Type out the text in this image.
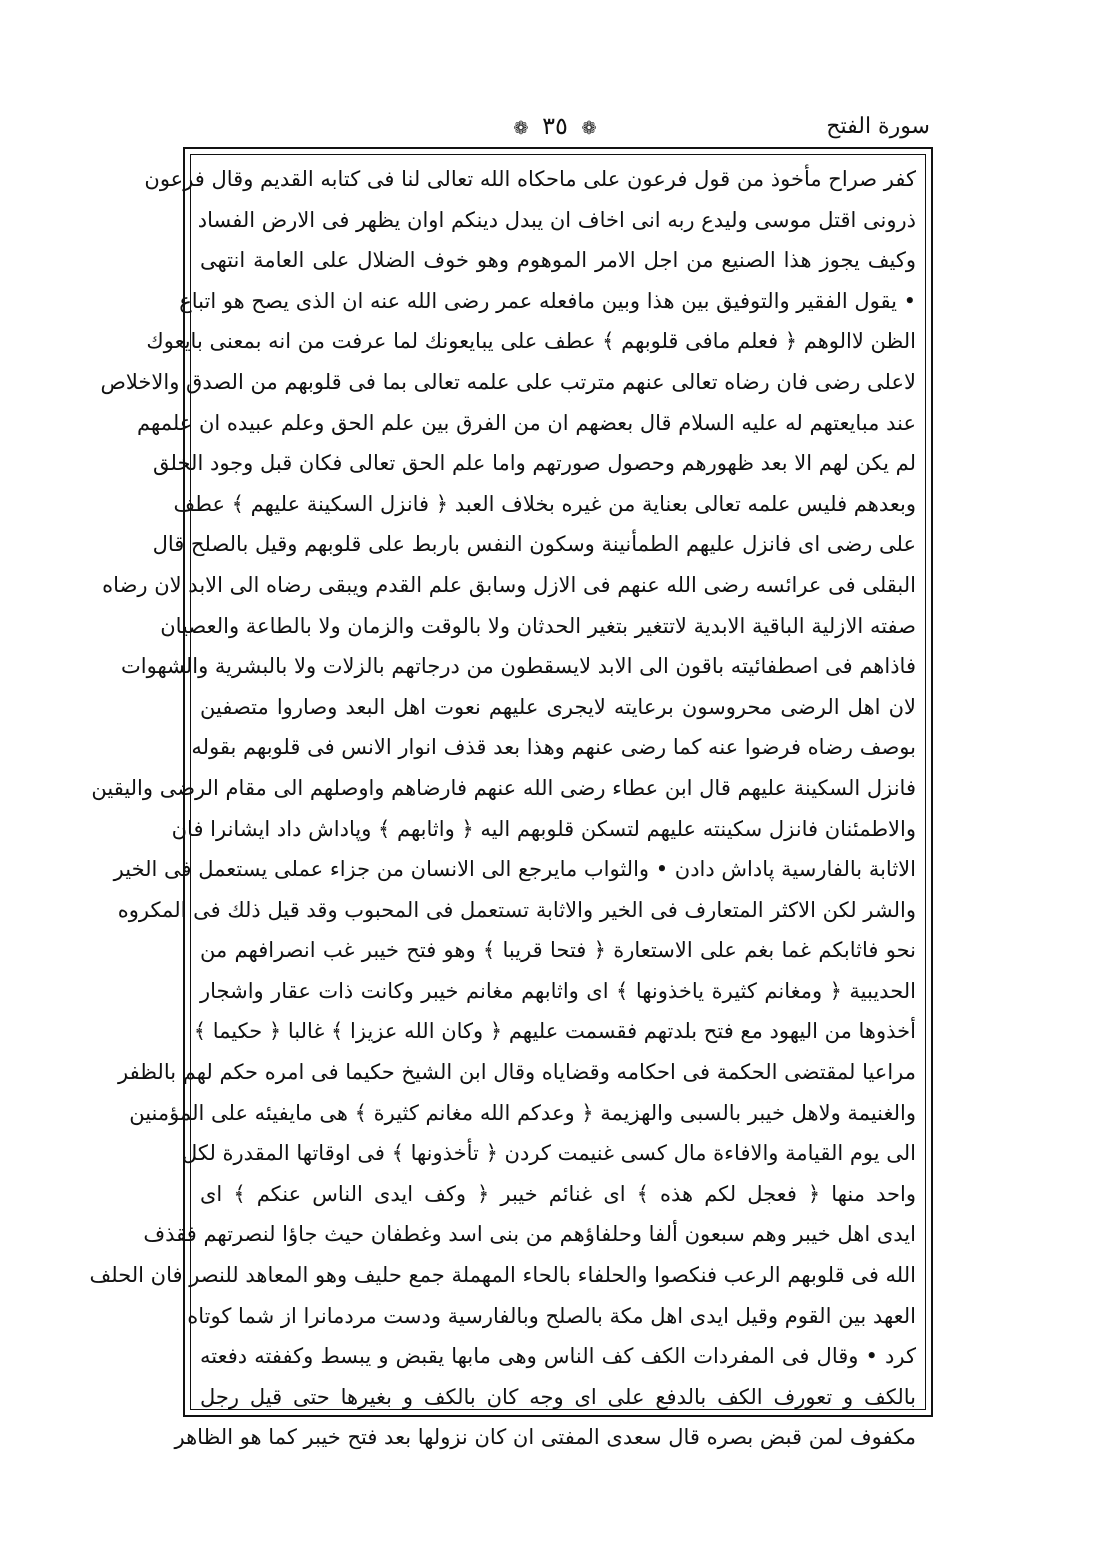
❁ ٣٥ ❁	سورة الفتح
كفر صراح مأخوذ من قول فرعون على ماحكاه الله تعالى لنا فى كتابه القديم وقال فرعون
ذرونى اقتل موسى وليدع ربه انى اخاف ان يبدل دينكم اوان يظهر فى الارض الفساد
وكيف يجوز هذا الصنيع من اجل الامر الموهوم وهو خوف الضلال على العامة انتهى
• يقول الفقير والتوفيق بين هذا وبين مافعله عمر رضى الله عنه ان الذى يصح هو اتباع
الظن لاالوهم ﴿ فعلم مافى قلوبهم ﴾ عطف على يبايعونك لما عرفت من انه بمعنى بايعوك
لاعلى رضى فان رضاه تعالى عنهم مترتب على علمه تعالى بما فى قلوبهم من الصدق والاخلاص
عند مبايعتهم له عليه السلام قال بعضهم ان من الفرق بين علم الحق وعلم عبيده ان علمهم
لم يكن لهم الا بعد ظهورهم وحصول صورتهم واما علم الحق تعالى فكان قبل وجود الخلق
وبعدهم فليس علمه تعالى بعناية من غيره بخلاف العبد ﴿ فانزل السكينة عليهم ﴾ عطف
على رضى اى فانزل عليهم الطمأنينة وسكون النفس باربط على قلوبهم وقيل بالصلح قال
البقلى فى عرائسه رضى الله عنهم فى الازل وسابق علم القدم ويبقى رضاه الى الابد لان رضاه
صفته الازلية الباقية الابدية لاتتغير بتغير الحدثان ولا بالوقت والزمان ولا بالطاعة والعصيان
فاذاهم فى اصطفائيته باقون الى الابد لايسقطون من درجاتهم بالزلات ولا بالبشرية والشهوات
لان اهل الرضى محروسون برعايته لايجرى عليهم نعوت اهل البعد وصاروا متصفين
بوصف رضاه فرضوا عنه كما رضى عنهم وهذا بعد قذف انوار الانس فى قلوبهم بقوله
فانزل السكينة عليهم قال ابن عطاء رضى الله عنهم فارضاهم واوصلهم الى مقام الرضى واليقين
والاطمئنان فانزل سكينته عليهم لتسكن قلوبهم اليه ﴿ واثابهم ﴾ وپاداش داد ايشانرا فان
الاثابة بالفارسية پاداش دادن • والثواب مايرجع الى الانسان من جزاء عملى يستعمل فى الخير
والشر لكن الاكثر المتعارف فى الخير والاثابة تستعمل فى المحبوب وقد قيل ذلك فى المكروه
نحو فاثابكم غما بغم على الاستعارة ﴿ فتحا قريبا ﴾ وهو فتح خيبر غب انصرافهم من
الحديبية ﴿ ومغانم كثيرة ياخذونها ﴾ اى واثابهم مغانم خيبر وكانت ذات عقار واشجار
أخذوها من اليهود مع فتح بلدتهم فقسمت عليهم ﴿ وكان الله عزيزا ﴾ غالبا ﴿ حكيما ﴾
مراعيا لمقتضى الحكمة فى احكامه وقضاياه وقال ابن الشيخ حكيما فى امره حكم لهم بالظفر
والغنيمة ولاهل خيبر بالسبى والهزيمة ﴿ وعدكم الله مغانم كثيرة ﴾ هى مايفيئه على المؤمنين
الى يوم القيامة والافاءة مال كسى غنيمت كردن ﴿ تأخذونها ﴾ فى اوقاتها المقدرة لكل
واحد منها ﴿ فعجل لكم هذه ﴾ اى غنائم خيبر ﴿ وكف ايدى الناس عنكم ﴾ اى
ايدى اهل خيبر وهم سبعون ألفا وحلفاؤهم من بنى اسد وغطفان حيث جاؤا لنصرتهم فقذف
الله فى قلوبهم الرعب فنكصوا والحلفاء بالحاء المهملة جمع حليف وهو المعاهد للنصر فان الحلف
العهد بين القوم وقيل ايدى اهل مكة بالصلح وبالفارسية ودست مردمانرا از شما كوتاه
كرد • وقال فى المفردات الكف كف الناس وهى مابها يقبض و يبسط وكففته دفعته
بالكف و تعورف الكف بالدفع على اى وجه كان بالكف و بغيرها حتى قيل رجل
مكفوف لمن قبض بصره قال سعدى المفتى ان كان نزولها بعد فتح خيبر كما هو الظاهر
